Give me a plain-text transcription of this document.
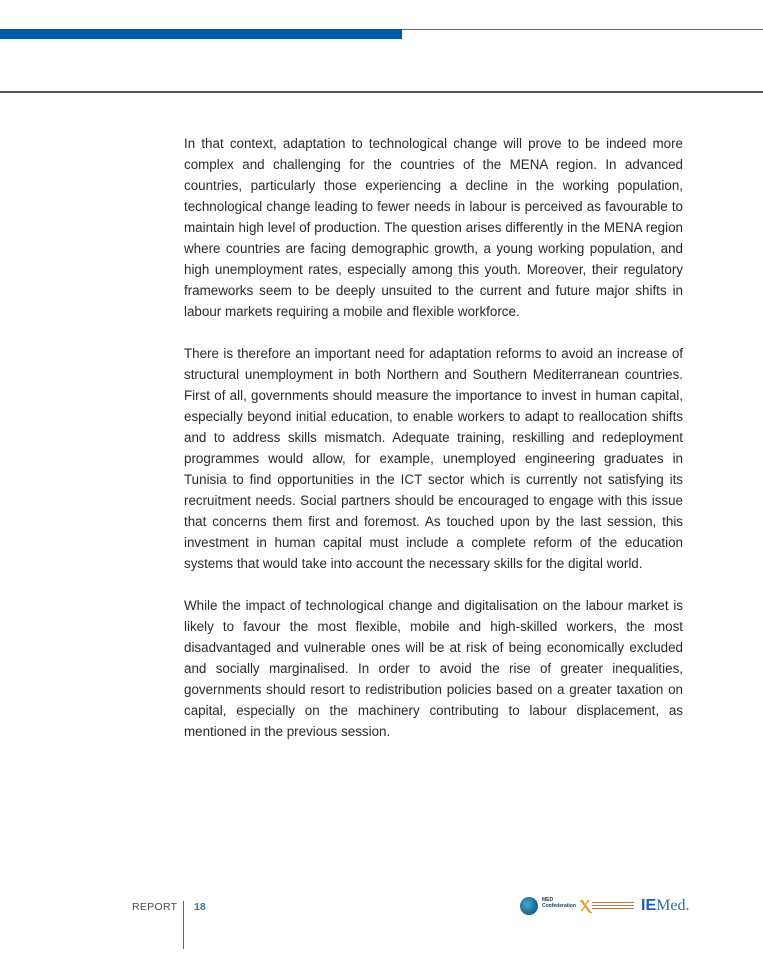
In that context, adaptation to technological change will prove to be indeed more complex and challenging for the countries of the MENA region. In advanced countries, particularly those experiencing a decline in the working population, technological change leading to fewer needs in labour is perceived as favourable to maintain high level of production. The question arises differently in the MENA region where countries are facing demographic growth, a young working population, and high unemployment rates, especially among this youth. Moreover, their regulatory frameworks seem to be deeply unsuited to the current and future major shifts in labour markets requiring a mobile and flexible workforce.

There is therefore an important need for adaptation reforms to avoid an increase of structural unemployment in both Northern and Southern Mediterranean countries. First of all, governments should measure the importance to invest in human capital, especially beyond initial education, to enable workers to adapt to reallocation shifts and to address skills mismatch. Adequate training, reskilling and redeployment programmes would allow, for example, unemployed engineering graduates in Tunisia to find opportunities in the ICT sector which is currently not satisfying its recruitment needs. Social partners should be encouraged to engage with this issue that concerns them first and foremost. As touched upon by the last session, this investment in human capital must include a complete reform of the education systems that would take into account the necessary skills for the digital world.

While the impact of technological change and digitalisation on the labour market is likely to favour the most flexible, mobile and high-skilled workers, the most disadvantaged and vulnerable ones will be at risk of being economically excluded and socially marginalised. In order to avoid the rise of greater inequalities, governments should resort to redistribution policies based on a greater taxation on capital, especially on the machinery contributing to labour displacement, as mentioned in the previous session.

REPORT 18
MED
Confederation Ⲭ	IEMed.
